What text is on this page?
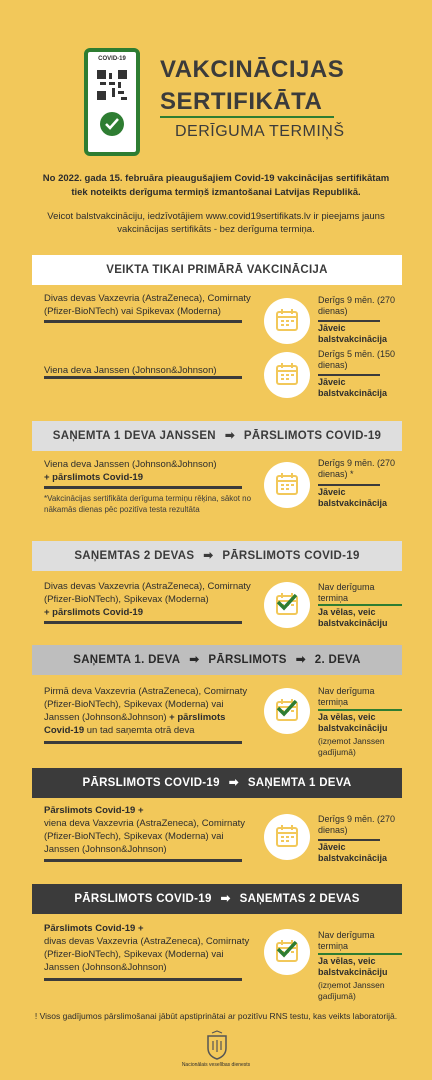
COVID-19	VAKCINĀCIJAS
SERTIFIKĀTA
DERĪGUMA TERMIŅŠ
No 2022. gada 15. februāra pieaugušajiem Covid-19 vakcinācijas sertifikātam tiek noteikts derīguma termiņš izmantošanai Latvijas Republikā.
Veicot balstvakcināciju, iedzīvotājiem www.covid19sertifikats.lv ir pieejams jauns vakcinācijas sertifikāts - bez derīguma termiņa.
VEIKTA TIKAI PRIMĀRĀ VAKCINĀCIJA
Divas devas Vaxzevria (AstraZeneca), Comirnaty (Pfizer-BioNTech) vai Spikevax (Moderna)
Derīgs 9 mēn. (270 dienas)
Jāveic balstvakcinācija
Viena deva Janssen (Johnson&Johnson)
Derīgs 5 mēn. (150 dienas)
Jāveic balstvakcinācija
SAŅEMTA 1 DEVA JANSSEN ➡ PĀRSLIMOTS COVID-19
Viena deva Janssen (Johnson&Johnson)
+ pārslimots Covid-19
*Vakcinācijas sertifikāta derīguma termiņu rēķina, sākot no nākamās dienas pēc pozitīva testa rezultāta
Derīgs 9 mēn. (270 dienas) *
Jāveic balstvakcinācija
SAŅEMTAS 2 DEVAS ➡ PĀRSLIMOTS COVID-19
Divas devas Vaxzevria (AstraZeneca), Comirnaty (Pfizer-BioNTech), Spikevax (Moderna)
+ pārslimots Covid-19
Nav derīguma termiņa
Ja vēlas, veic balstvakcināciju
SAŅEMTA 1. DEVA ➡ PĀRSLIMOTS ➡ 2. DEVA
Pirmā deva Vaxzevria (AstraZeneca), Comirnaty (Pfizer-BioNTech), Spikevax (Moderna) vai Janssen (Johnson&Johnson) + pārslimots Covid-19 un tad saņemta otrā deva
Nav derīguma termiņa
Ja vēlas, veic balstvakcināciju
(izņemot Janssen gadījumā)
PĀRSLIMOTS COVID-19 ➡ SAŅEMTA 1 DEVA
Pārslimots Covid-19 +
viena deva Vaxzevria (AstraZeneca), Comirnaty (Pfizer-BioNTech), Spikevax (Moderna) vai Janssen (Johnson&Johnson)
Derīgs 9 mēn. (270 dienas)
Jāveic balstvakcinācija
PĀRSLIMOTS COVID-19 ➡ SAŅEMTAS 2 DEVAS
Pārslimots Covid-19 +
divas devas Vaxzevria (AstraZeneca), Comirnaty (Pfizer-BioNTech), Spikevax (Moderna) vai Janssen (Johnson&Johnson)
Nav derīguma termiņa
Ja vēlas, veic balstvakcināciju
(izņemot Janssen gadījumā)
! Visos gadījumos pārslimošanai jābūt apstiprinātai ar pozitīvu RNS testu, kas veikts laboratorijā.
Nacionālais veselības dienests
